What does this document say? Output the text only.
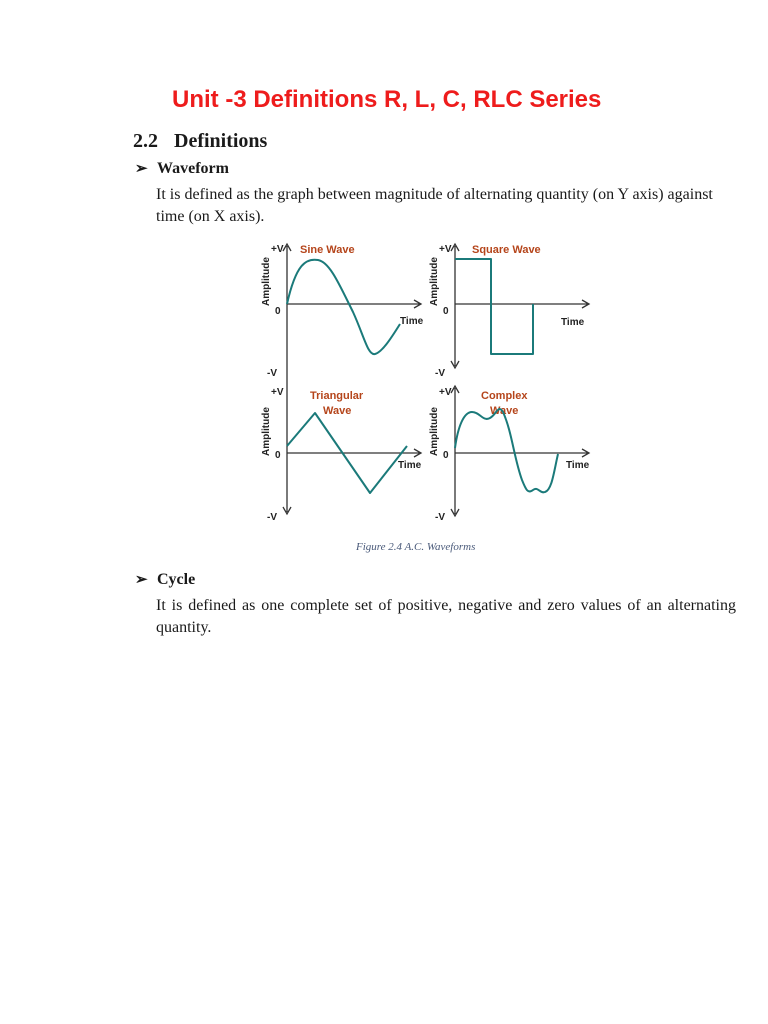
Unit -3 Definitions R, L, C, RLC Series
2.2 Definitions
➢ Waveform

It is defined as the graph between magnitude of alternating quantity (on Y axis) against time (on X axis).

+V
0
-V
Amplitude
Time
Sine Wave	+V
0
-V
Amplitude
Time
Square Wave
+V
0
-V
Amplitude
Time
Triangular
Wave
+V
0
-V
Amplitude
Time
Complex
Wave
Figure 2.4 A.C. Waveforms
➢ Cycle

It is defined as one complete set of positive, negative and zero values of an alternating quantity.
